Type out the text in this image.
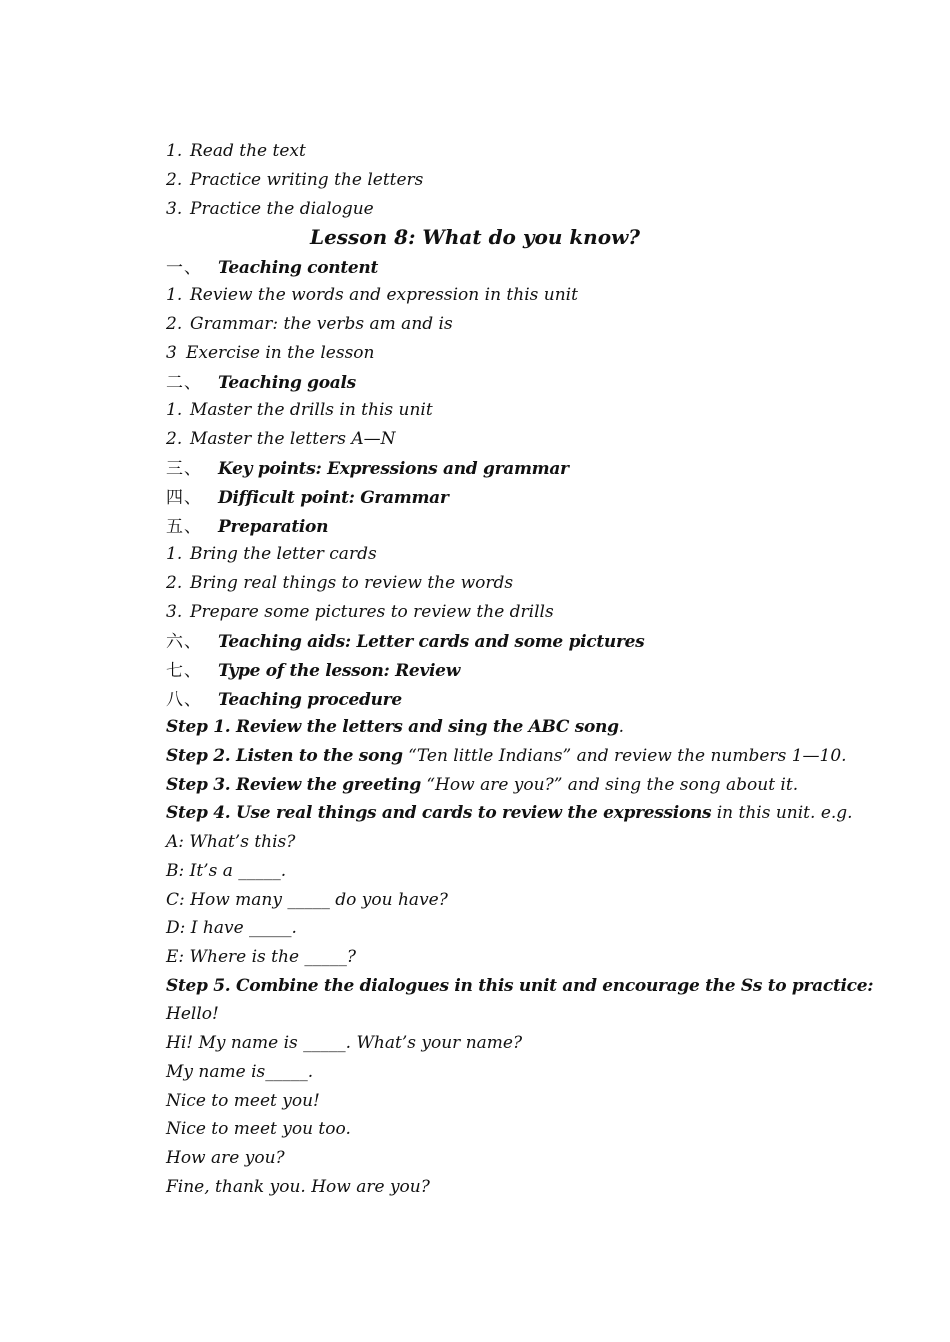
1. Read the text
2. Practice writing the letters
3. Practice the dialogue
Lesson 8: What do you know?
一、 Teaching content
1. Review the words and expression in this unit
2. Grammar: the verbs am and is
3 Exercise in the lesson
二、 Teaching goals
1. Master the drills in this unit
2. Master the letters A—N
三、 Key points: Expressions and grammar
四、 Difficult point: Grammar
五、 Preparation
1. Bring the letter cards
2. Bring real things to review the words
3. Prepare some pictures to review the drills
六、 Teaching aids: Letter cards and some pictures
七、 Type of the lesson: Review
八、 Teaching procedure
Step 1. Review the letters and sing the ABC song.
Step 2. Listen to the song “Ten little Indians” and review the numbers 1—10.
Step 3. Review the greeting “How are you?” and sing the song about it.
Step 4. Use real things and cards to review the expressions in this unit. e.g.
A: What’s this?
B: It’s a _____.
C: How many _____ do you have?
D: I have _____.
E: Where is the _____?
Step 5. Combine the dialogues in this unit and encourage the Ss to practice:
Hello!
Hi! My name is _____. What’s your name?
My name is_____.
Nice to meet you!
Nice to meet you too.
How are you?
Fine, thank you. How are you?
